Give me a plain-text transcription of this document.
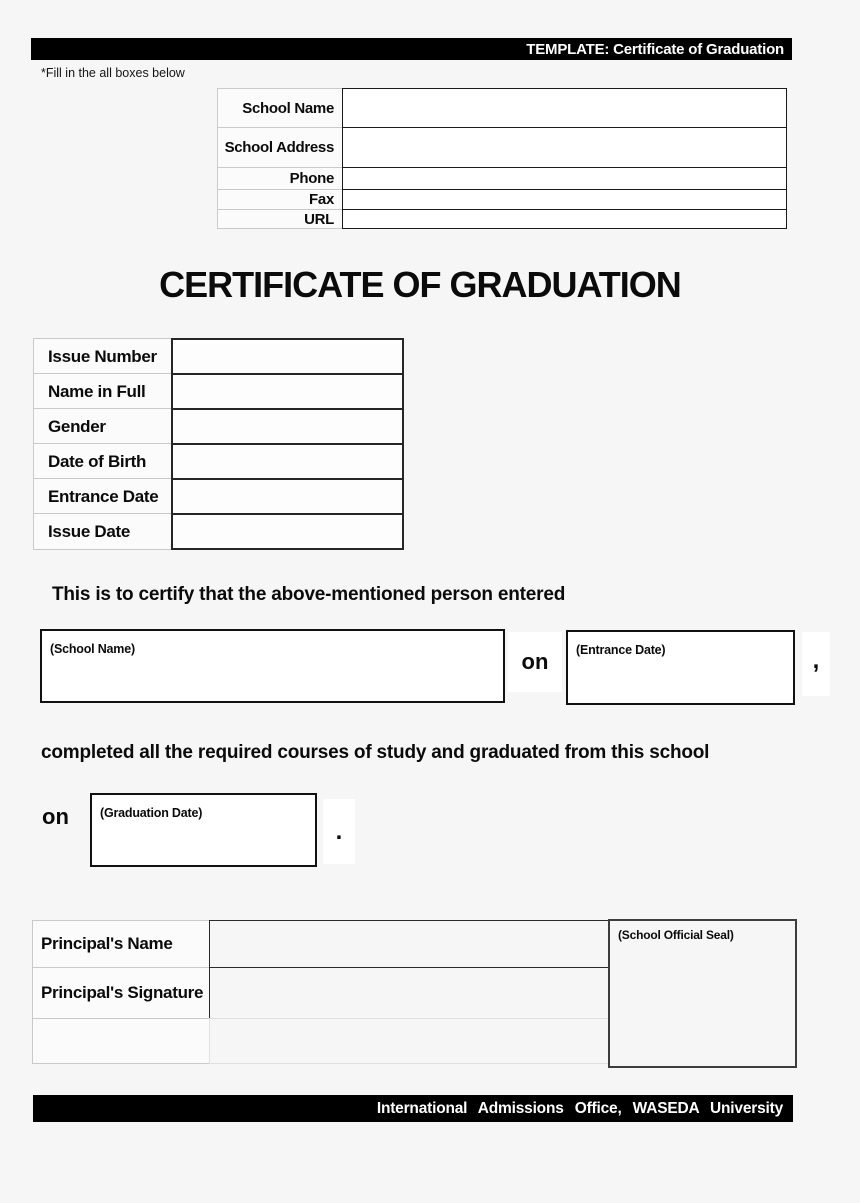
TEMPLATE: Certificate of Graduation
*Fill in the all boxes below
School Name
School Address
Phone
Fax
URL
CERTIFICATE OF GRADUATION
Issue Number
Name in Full
Gender
Date of Birth
Entrance Date
Issue Date
This is to certify that the above-mentioned person entered
(School Name)	on	(Entrance Date)	,
completed all the required courses of study and graduated from this school
on	(Graduation Date)
.
Principal's Name
Principal's Signature
(School Official Seal)
International Admissions Office, WASEDA University
